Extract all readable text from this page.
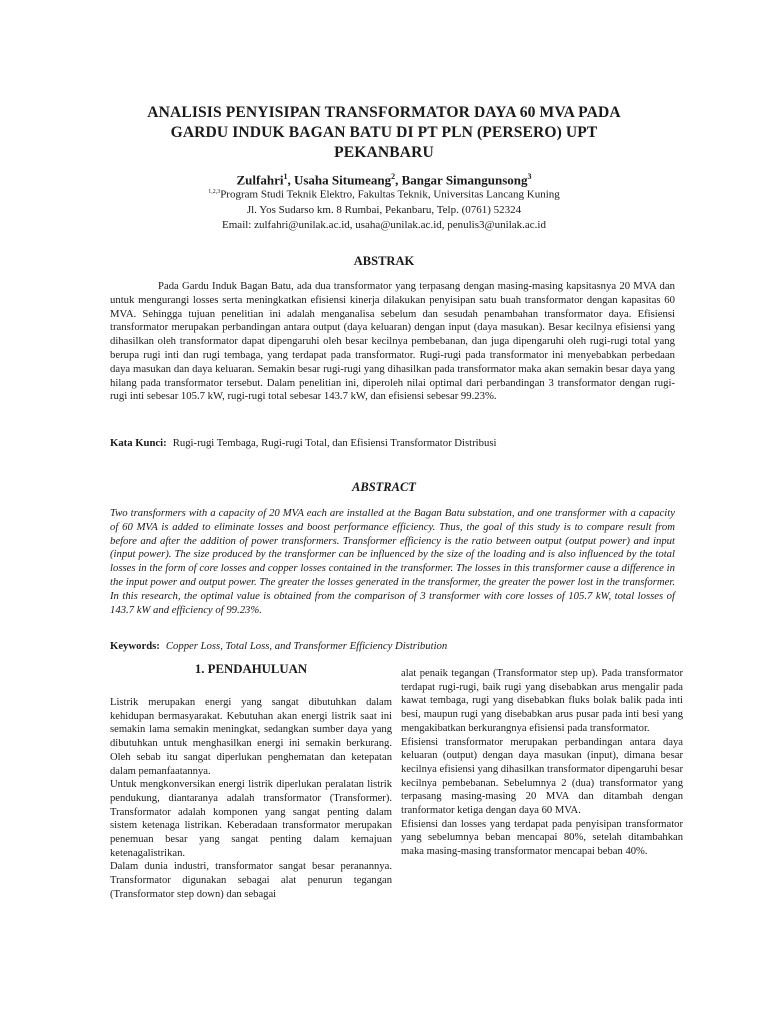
ANALISIS PENYISIPAN TRANSFORMATOR DAYA 60 MVA PADA
GARDU INDUK BAGAN BATU DI PT PLN (PERSERO) UPT
PEKANBARU
Zulfahri$^1$, Usaha Situmeang$^2$, Bangar Simangunsong$^3$
$^{1,2,3}$Program Studi Teknik Elektro, Fakultas Teknik, Universitas Lancang Kuning
Jl. Yos Sudarso km. 8 Rumbai, Pekanbaru, Telp. (0761) 52324
Email: zulfahri@unilak.ac.id, usaha@unilak.ac.id, penulis3@unilak.ac.id
ABSTRAK
Pada Gardu Induk Bagan Batu, ada dua transformator yang terpasang dengan masing-masing kapsitasnya 20 MVA dan untuk mengurangi losses serta meningkatkan efisiensi kinerja dilakukan penyisipan satu buah transformator dengan kapasitas 60 MVA. Sehingga tujuan penelitian ini adalah menganalisa sebelum dan sesudah penambahan transformator daya. Efisiensi transformator merupakan perbandingan antara output (daya keluaran) dengan input (daya masukan). Besar kecilnya efisiensi yang dihasilkan oleh transformator dapat dipengaruhi oleh besar kecilnya pembebanan, dan juga dipengaruhi oleh rugi-rugi total yang berupa rugi inti dan rugi tembaga, yang terdapat pada transformator. Rugi-rugi pada transformator ini menyebabkan perbedaan daya masukan dan daya keluaran. Semakin besar rugi-rugi yang dihasilkan pada transformator maka akan semakin besar daya yang hilang pada transformator tersebut. Dalam penelitian ini, diperoleh nilai optimal dari perbandingan 3 transformator dengan rugi-rugi inti sebesar 105.7 kW, rugi-rugi total sebesar 143.7 kW, dan efisiensi sebesar 99.23%.
Kata Kunci: Rugi-rugi Tembaga, Rugi-rugi Total, dan Efisiensi Transformator Distribusi
ABSTRACT
Two transformers with a capacity of 20 MVA each are installed at the Bagan Batu substation, and one transformer with a capacity of 60 MVA is added to eliminate losses and boost performance efficiency. Thus, the goal of this study is to compare result from before and after the addition of power transformers. Transformer efficiency is the ratio between output (output power) and input (input power). The size produced by the transformer can be influenced by the size of the loading and is also influenced by the total losses in the form of core losses and copper losses contained in the transformer. The losses in this transformer cause a difference in the input power and output power. The greater the losses generated in the transformer, the greater the power lost in the transformer. In this research, the optimal value is obtained from the comparison of 3 transformer with core losses of 105.7 kW, total losses of 143.7 kW and efficiency of 99.23%.
Keywords: Copper Loss, Total Loss, and Transformer Efficiency Distribution
1. PENDAHULUAN

Listrik merupakan energi yang sangat dibutuhkan dalam kehidupan bermasyarakat. Kebutuhan akan energi listrik saat ini semakin lama semakin meningkat, sedangkan sumber daya yang dibutuhkan untuk menghasilkan energi ini semakin berkurang. Oleh sebab itu sangat diperlukan penghematan dan ketepatan dalam pemanfaatannya.

Untuk mengkonversikan energi listrik diperlukan peralatan listrik pendukung, diantaranya adalah transformator (Transformer). Transformator adalah komponen yang sangat penting dalam sistem ketenaga listrikan. Keberadaan transformator merupakan penemuan besar yang sangat penting dalam kemajuan ketenagalistrikan.

Dalam dunia industri, transformator sangat besar peranannya. Transformator digunakan sebagai alat penurun tegangan (Transformator step down) dan sebagai

alat penaik tegangan (Transformator step up). Pada transformator terdapat rugi-rugi, baik rugi yang disebabkan arus mengalir pada kawat tembaga, rugi yang disebabkan fluks bolak balik pada inti besi, maupun rugi yang disebabkan arus pusar pada inti besi yang mengakibatkan berkurangnya efisiensi pada transformator.

Efisiensi transformator merupakan perbandingan antara daya keluaran (output) dengan daya masukan (input), dimana besar kecilnya efisiensi yang dihasilkan transformator dipengaruhi besar kecilnya pembebanan. Sebelumnya 2 (dua) transformator yang terpasang masing-masing 20 MVA dan ditambah dengan tranformator ketiga dengan daya 60 MVA.

Efisiensi dan losses yang terdapat pada penyisipan transformator yang sebelumnya beban mencapai 80%, setelah ditambahkan maka masing-masing transformator mencapai beban 40%.
